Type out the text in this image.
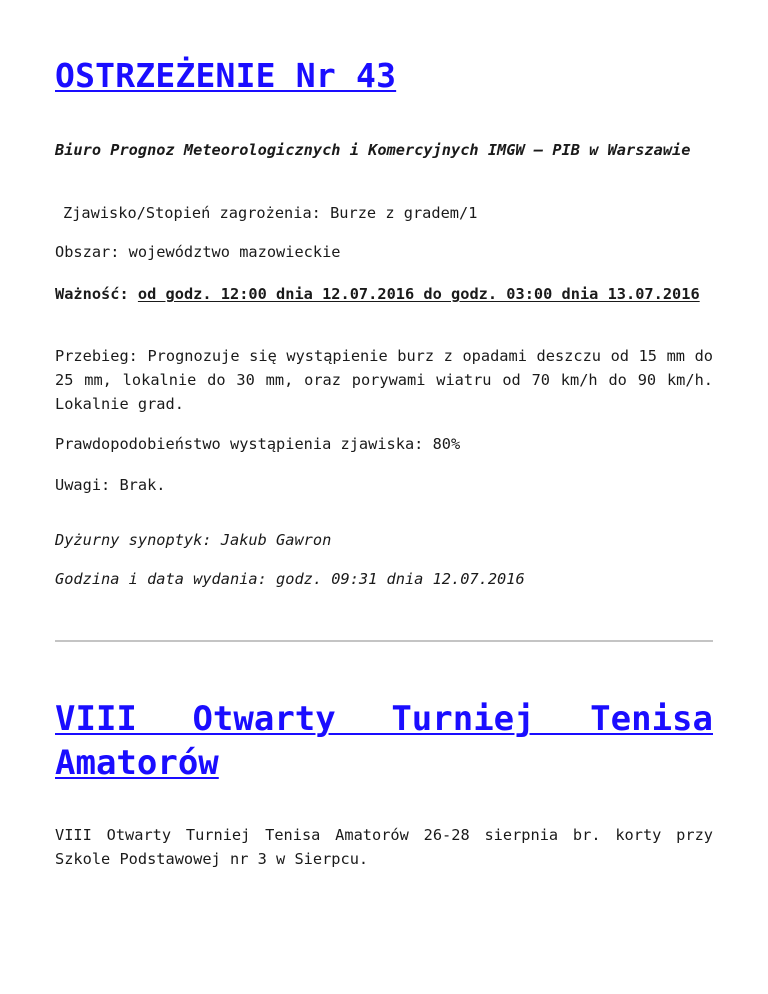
OSTRZEŻENIE Nr 43

Biuro Prognoz Meteorologicznych i Komercyjnych IMGW – PIB w Warszawie

Zjawisko/Stopień zagrożenia: Burze z gradem/1

Obszar: województwo mazowieckie

Ważność: od godz. 12:00 dnia 12.07.2016 do godz. 03:00 dnia 13.07.2016

Przebieg: Prognozuje się wystąpienie burz z opadami deszczu od 15 mm do 25 mm, lokalnie do 30 mm, oraz porywami wiatru od 70 km/h do 90 km/h. Lokalnie grad.

Prawdopodobieństwo wystąpienia zjawiska: 80%

Uwagi: Brak.

Dyżurny synoptyk: Jakub Gawron

Godzina i data wydania: godz. 09:31 dnia 12.07.2016

VIII Otwarty Turniej Tenisa Amatorów

VIII Otwarty Turniej Tenisa Amatorów 26-28 sierpnia br. korty przy Szkole Podstawowej nr 3 w Sierpcu.
